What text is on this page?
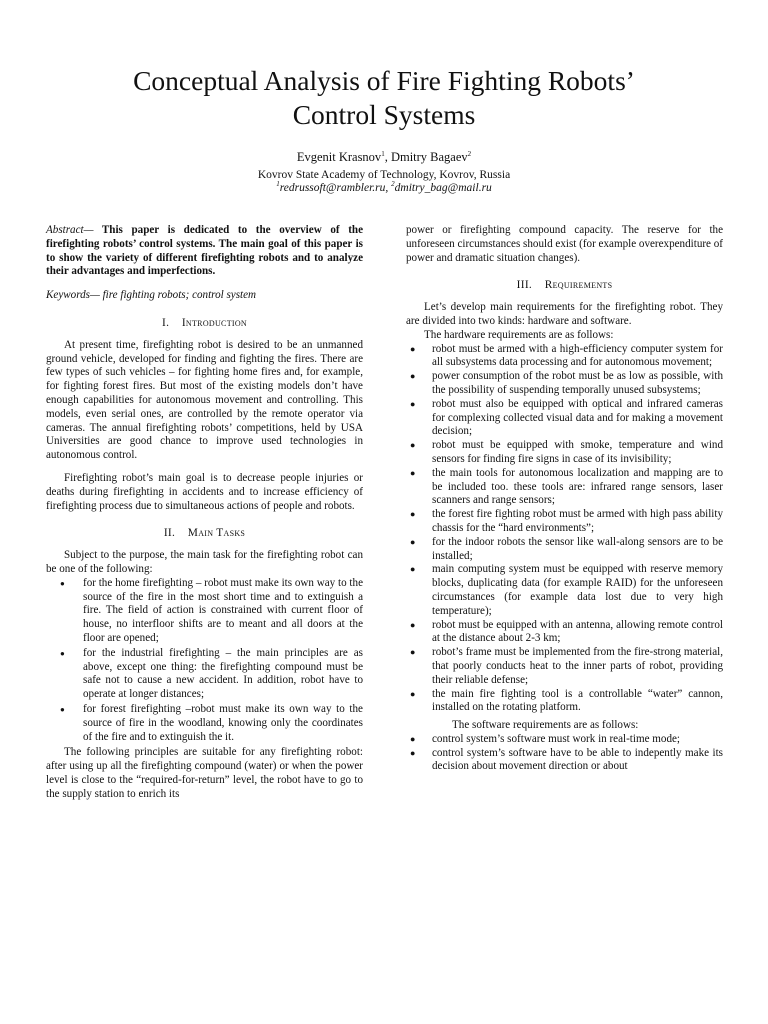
Conceptual Analysis of Fire Fighting Robots’
Control Systems
Evgenit Krasnov$^1$, Dmitry Bagaev$^2$
Kovrov State Academy of Technology, Kovrov, Russia
$^1$redrussoft@rambler.ru, $^2$dmitry_bag@mail.ru

Abstract— This paper is dedicated to the overview of the firefighting robots’ control systems. The main goal of this paper is to show the variety of different firefighting robots and to analyze their advantages and imperfections.

Keywords— fire fighting robots; control system

I. Introduction

At present time, firefighting robot is desired to be an unmanned ground vehicle, developed for finding and fighting the fires. There are few types of such vehicles – for fighting home fires and, for example, for fighting forest fires. But most of the existing models don’t have enough capabilities for autonomous movement and controlling. This models, even serial ones, are controlled by the remote operator via cameras. The annual firefighting robots’ competitions, held by USA Universities are good chance to improve used technologies in autonomous control.

Firefighting robot’s main goal is to decrease people injuries or deaths during firefighting in accidents and to increase efficiency of firefighting process due to simultaneous actions of people and robots.

II. Main Tasks

Subject to the purpose, the main task for the firefighting robot can be one of the following:

● for the home firefighting – robot must make its own way to the source of the fire in the most short time and to extinguish a fire. The field of action is constrained with current floor of house, no interfloor shifts are to meant and all doors at the floor are opened;
● for the industrial firefighting – the main principles are as above, except one thing: the firefighting compound must be safe not to cause a new accident. In addition, robot have to operate at longer distances;
● for forest firefighting –robot must make its own way to the source of fire in the woodland, knowing only the coordinates of the fire and to extinguish the it.

The following principles are suitable for any firefighting robot: after using up all the firefighting compound (water) or when the power level is close to the “required-for-return” level, the robot have to go to the supply station to enrich its

power or firefighting compound capacity. The reserve for the unforeseen circumstances should exist (for example overexpenditure of power and dramatic situation changes).

III. Requirements

Let’s develop main requirements for the firefighting robot. They are divided into two kinds: hardware and software.

The hardware requirements are as follows:

● robot must be armed with a high-efficiency computer system for all subsystems data processing and for autonomous movement;
● power consumption of the robot must be as low as possible, with the possibility of suspending temporally unused subsystems;
● robot must also be equipped with optical and infrared cameras for complexing collected visual data and for making a movement decision;
● robot must be equipped with smoke, temperature and wind sensors for finding fire signs in case of its invisibility;
● the main tools for autonomous localization and mapping are to be included too. these tools are: infrared range sensors, laser scanners and range sensors;
● the forest fire fighting robot must be armed with high pass ability chassis for the “hard environments”;
● for the indoor robots the sensor like wall-along sensors are to be installed;
● main computing system must be equipped with reserve memory blocks, duplicating data (for example RAID) for the unforeseen circumstances (for example data lost due to very high temperature);
● robot must be equipped with an antenna, allowing remote control at the distance about 2-3 km;
● robot’s frame must be implemented from the fire-strong material, that poorly conducts heat to the inner parts of robot, providing their reliable defense;
● the main fire fighting tool is a controllable “water” cannon, installed on the rotating platform.

The software requirements are as follows:

● control system’s software must work in real-time mode;
● control system’s software have to be able to indepently make its decision about movement direction or about
